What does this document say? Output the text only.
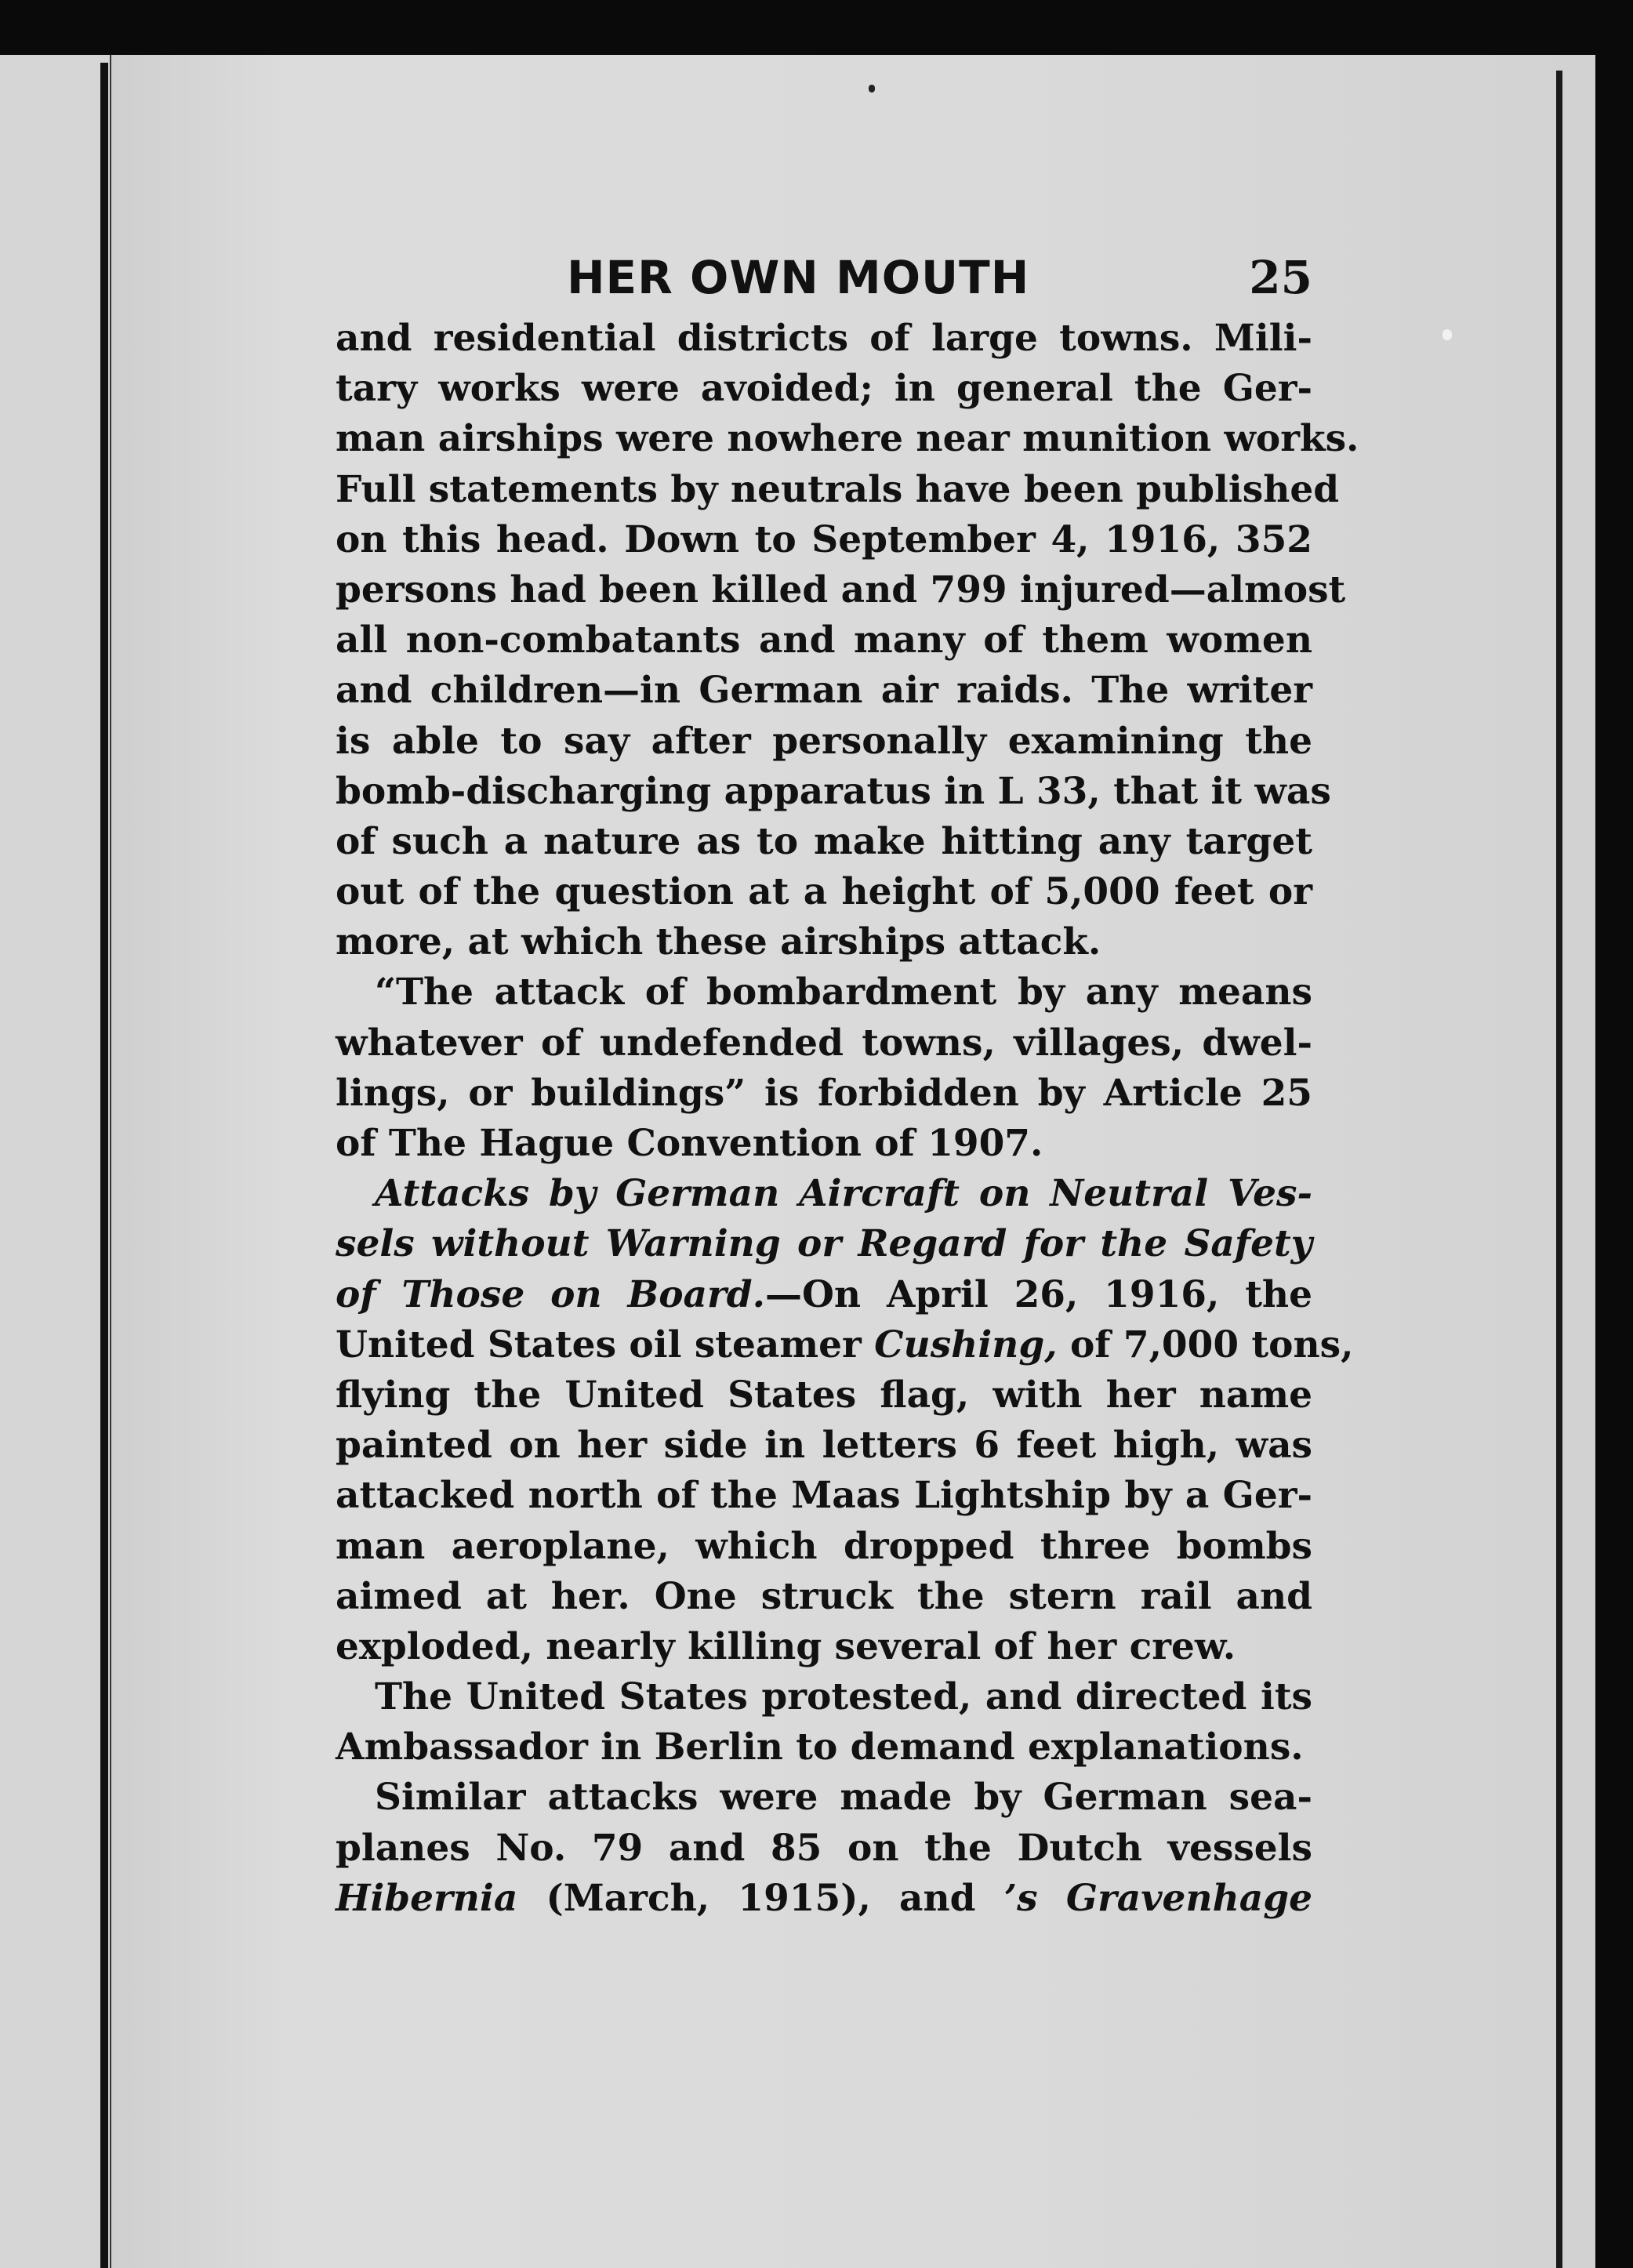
HER OWN MOUTH	25
and residential districts of large towns. Mili-
tary works were avoided; in general the Ger-
man airships were nowhere near munition works.
Full statements by neutrals have been published
on this head. Down to September 4, 1916, 352
persons had been killed and 799 injured—almost
all non-combatants and many of them women
and children—in German air raids. The writer
is able to say after personally examining the
bomb-discharging apparatus in L 33, that it was
of such a nature as to make hitting any target
out of the question at a height of 5,000 feet or
more, at which these airships attack.
“The attack of bombardment by any means
whatever of undefended towns, villages, dwel-
lings, or buildings” is forbidden by Article 25
of The Hague Convention of 1907.
Attacks by German Aircraft on Neutral Ves-
sels without Warning or Regard for the Safety
of Those on Board.—On April 26, 1916, the
United States oil steamer Cushing, of 7,000 tons,
flying the United States flag, with her name
painted on her side in letters 6 feet high, was
attacked north of the Maas Lightship by a Ger-
man aeroplane, which dropped three bombs
aimed at her. One struck the stern rail and
exploded, nearly killing several of her crew.
The United States protested, and directed its
Ambassador in Berlin to demand explanations.
Similar attacks were made by German sea-
planes No. 79 and 85 on the Dutch vessels
Hibernia (March, 1915), and ’s Gravenhage
